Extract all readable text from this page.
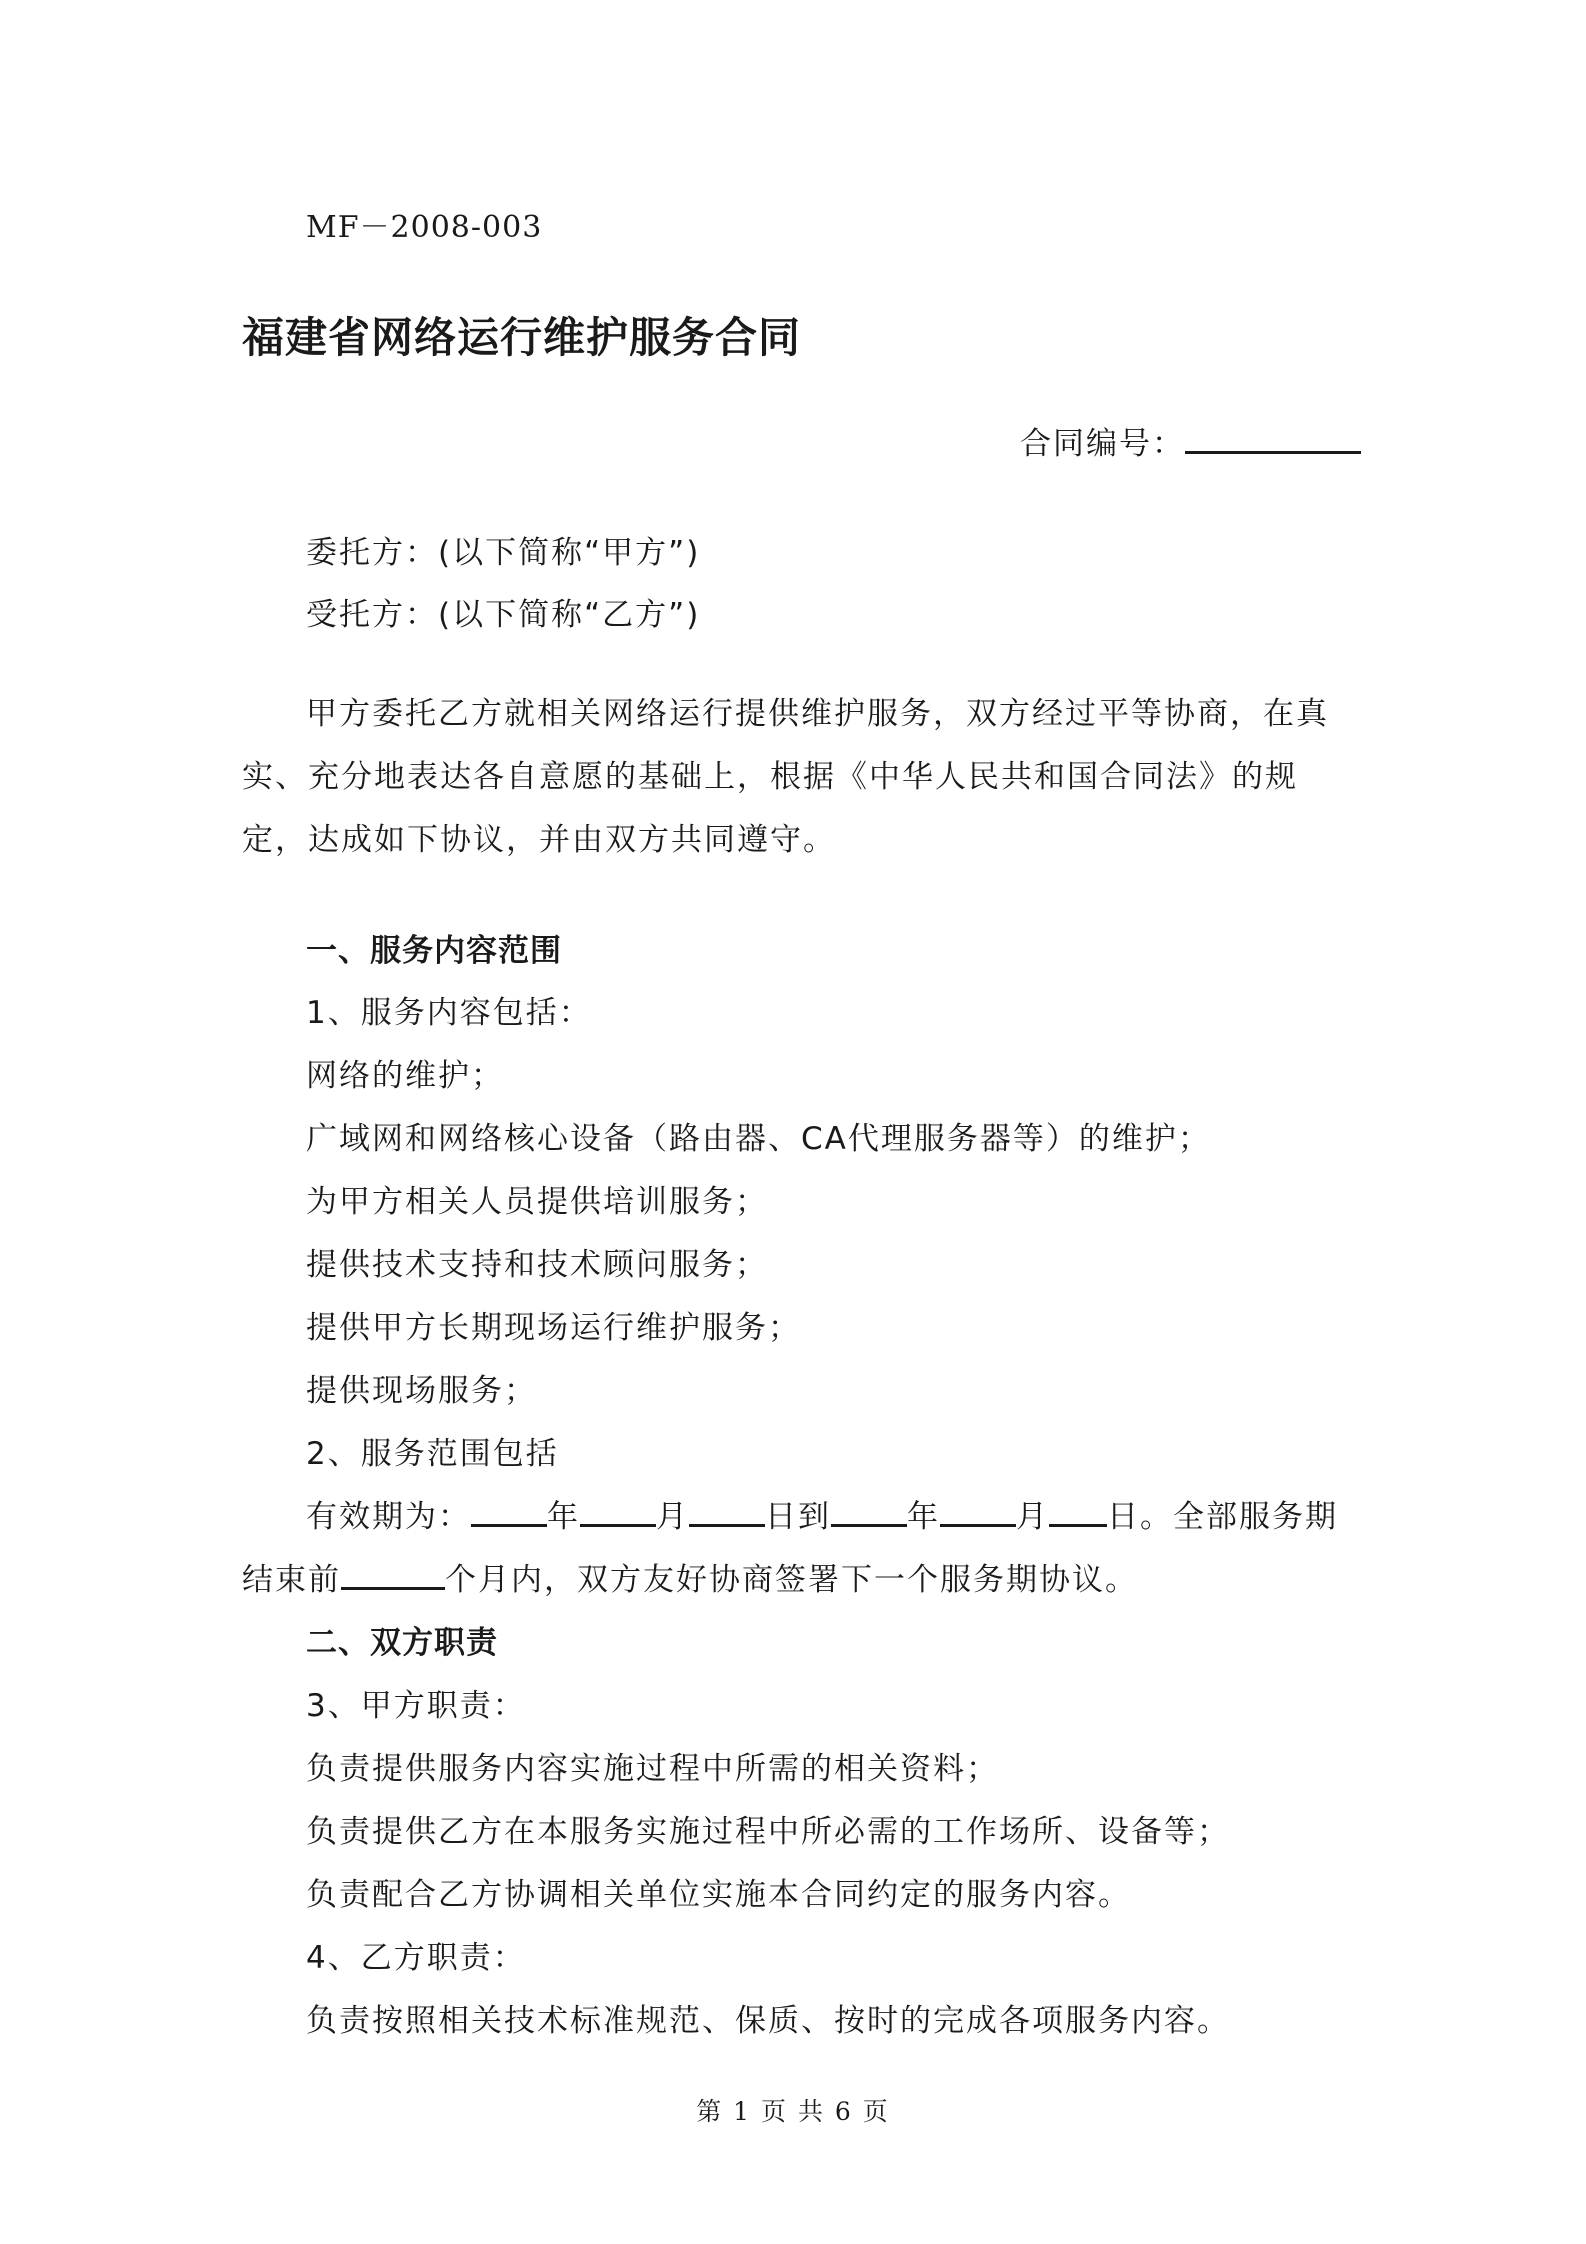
MF－2008-003
福建省网络运行维护服务合同
合同编号：
委托方：(以下简称“甲方”)
受托方：(以下简称“乙方”)
甲方委托乙方就相关网络运行提供维护服务，双方经过平等协商，在真实、充分地表达各自意愿的基础上，根据《中华人民共和国合同法》的规定，达成如下协议，并由双方共同遵守。
一、服务内容范围
1、服务内容包括：
网络的维护；
广域网和网络核心设备（路由器、CA代理服务器等）的维护；
为甲方相关人员提供培训服务；
提供技术支持和技术顾问服务；
提供甲方长期现场运行维护服务；
提供现场服务；
2、服务范围包括
有效期为： 年 月 日到 年 月 日。全部服务期
结束前	个月内，双方友好协商签署下一个服务期协议。
二、双方职责
3、甲方职责：
负责提供服务内容实施过程中所需的相关资料；
负责提供乙方在本服务实施过程中所必需的工作场所、设备等；
负责配合乙方协调相关单位实施本合同约定的服务内容。
4、乙方职责：
负责按照相关技术标准规范、保质、按时的完成各项服务内容。
第 1 页 共 6 页
